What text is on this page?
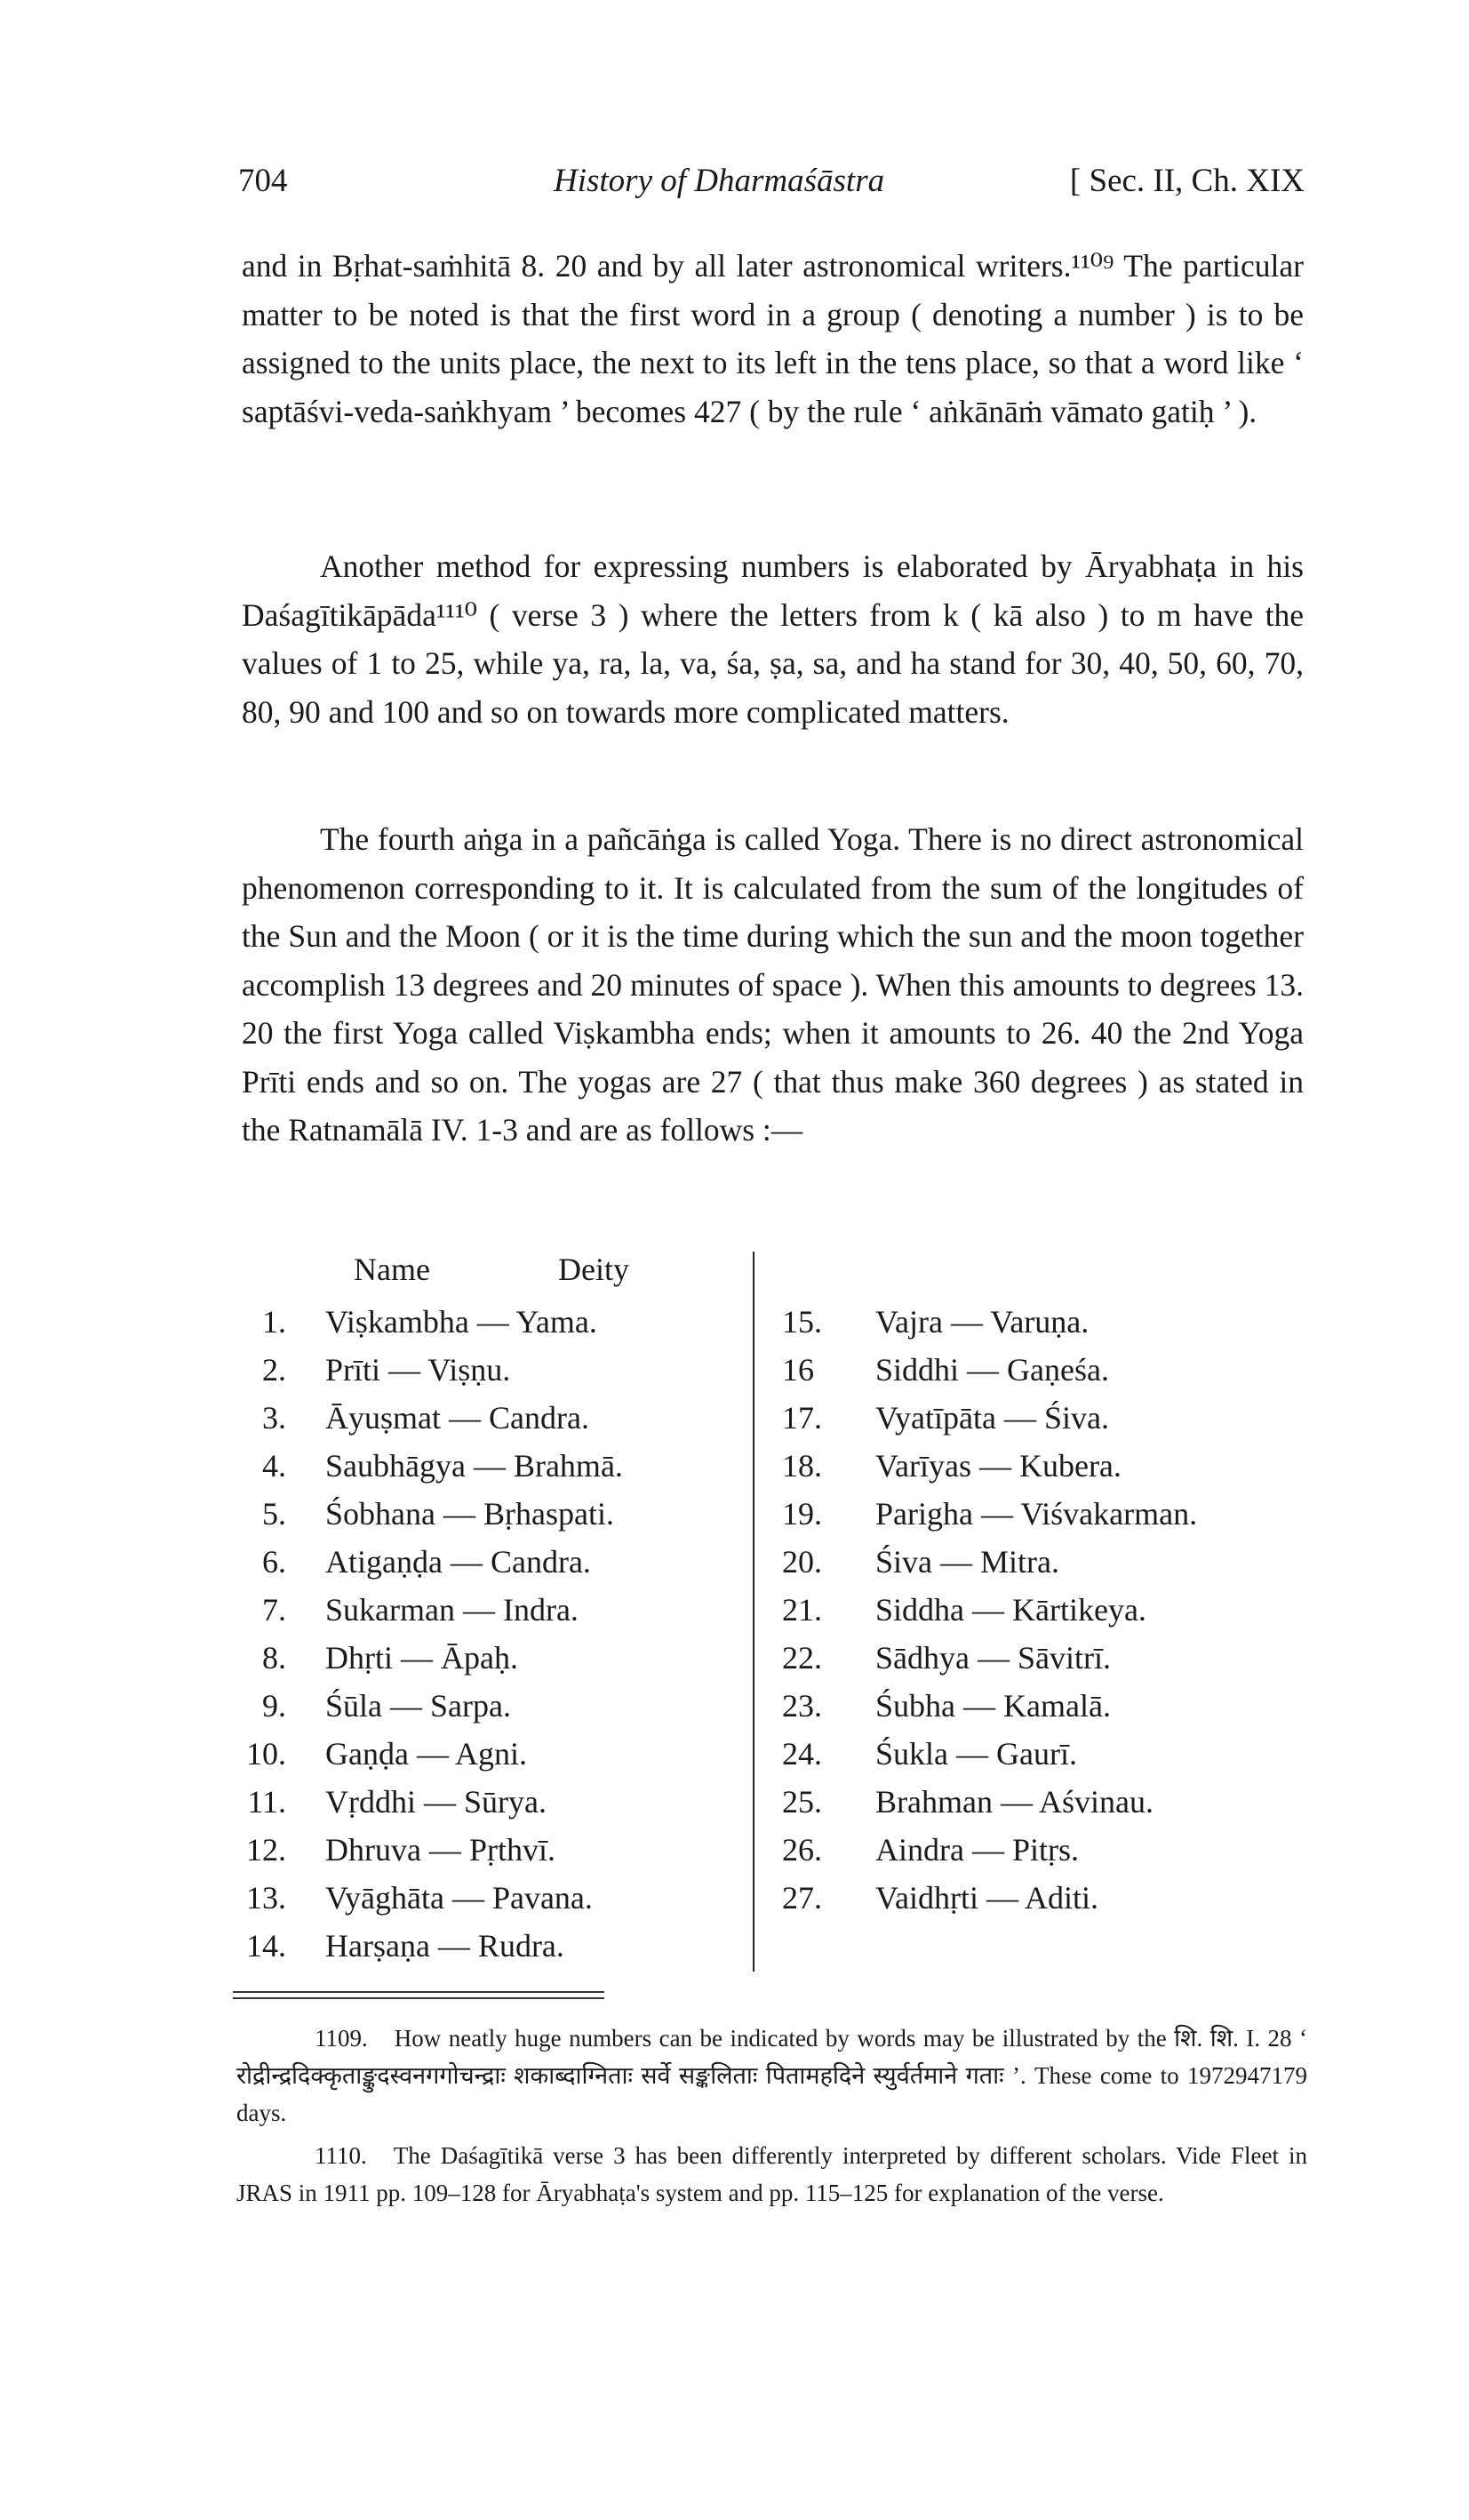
704	History of Dharmaśāstra	[ Sec. II, Ch. XIX

and in Bṛhat-saṁhitā 8. 20 and by all later astronomical writers.¹¹⁰⁹ The particular matter to be noted is that the first word in a group ( denoting a number ) is to be assigned to the units place, the next to its left in the tens place, so that a word like ‘ saptāśvi-veda-saṅkhyam ’ becomes 427 ( by the rule ‘ aṅkānāṁ vāmato gatiḥ ’ ).

Another method for expressing numbers is elaborated by Āryabhaṭa in his Daśagītikāpāda¹¹¹⁰ ( verse 3 ) where the letters from k ( kā also ) to m have the values of 1 to 25, while ya, ra, la, va, śa, ṣa, sa, and ha stand for 30, 40, 50, 60, 70, 80, 90 and 100 and so on towards more complicated matters.

The fourth aṅga in a pañcāṅga is called Yoga. There is no direct astronomical phenomenon corresponding to it. It is calculated from the sum of the longitudes of the Sun and the Moon ( or it is the time during which the sun and the moon together accomplish 13 degrees and 20 minutes of space ). When this amounts to degrees 13. 20 the first Yoga called Viṣkambha ends; when it amounts to 26. 40 the 2nd Yoga Prīti ends and so on. The yogas are 27 ( that thus make 360 degrees ) as stated in the Ratnamālā IV. 1-3 and are as follows :—

Name	Deity
1. Viṣkambha — Yama.
2. Prīti — Viṣṇu.
3. Āyuṣmat — Candra.
4. Saubhāgya — Brahmā.
5. Śobhana — Bṛhaspati.
6. Atigaṇḍa — Candra.
7. Sukarman — Indra.
8. Dhṛti — Āpaḥ.
9. Śūla — Sarpa.
10. Gaṇḍa — Agni.
11. Vṛddhi — Sūrya.
12. Dhruva — Pṛthvī.
13. Vyāghāta — Pavana.
14. Harṣaṇa — Rudra.
15. Vajra — Varuṇa.
16 Siddhi — Gaṇeśa.
17. Vyatīpāta — Śiva.
18. Varīyas — Kubera.
19. Parigha — Viśvakarman.
20. Śiva — Mitra.
21. Siddha — Kārtikeya.
22. Sādhya — Sāvitrī.
23. Śubha — Kamalā.
24. Śukla — Gaurī.
25. Brahman — Aśvinau.
26. Aindra — Pitṛs.
27. Vaidhṛti — Aditi.

1109. How neatly huge numbers can be indicated by words may be illustrated by the शि. शि. I. 28 ‘ रोद्रीन्द्रदिक्कृताङ्कुदस्वनगगोचन्द्राः शकाब्दाग्निताः सर्वे सङ्कलिताः पितामहदिने स्युर्वर्तमाने गताः ’. These come to 1972947179 days.

1110. The Daśagītikā verse 3 has been differently interpreted by different scholars. Vide Fleet in JRAS in 1911 pp. 109–128 for Āryabhaṭa's system and pp. 115–125 for explanation of the verse.
